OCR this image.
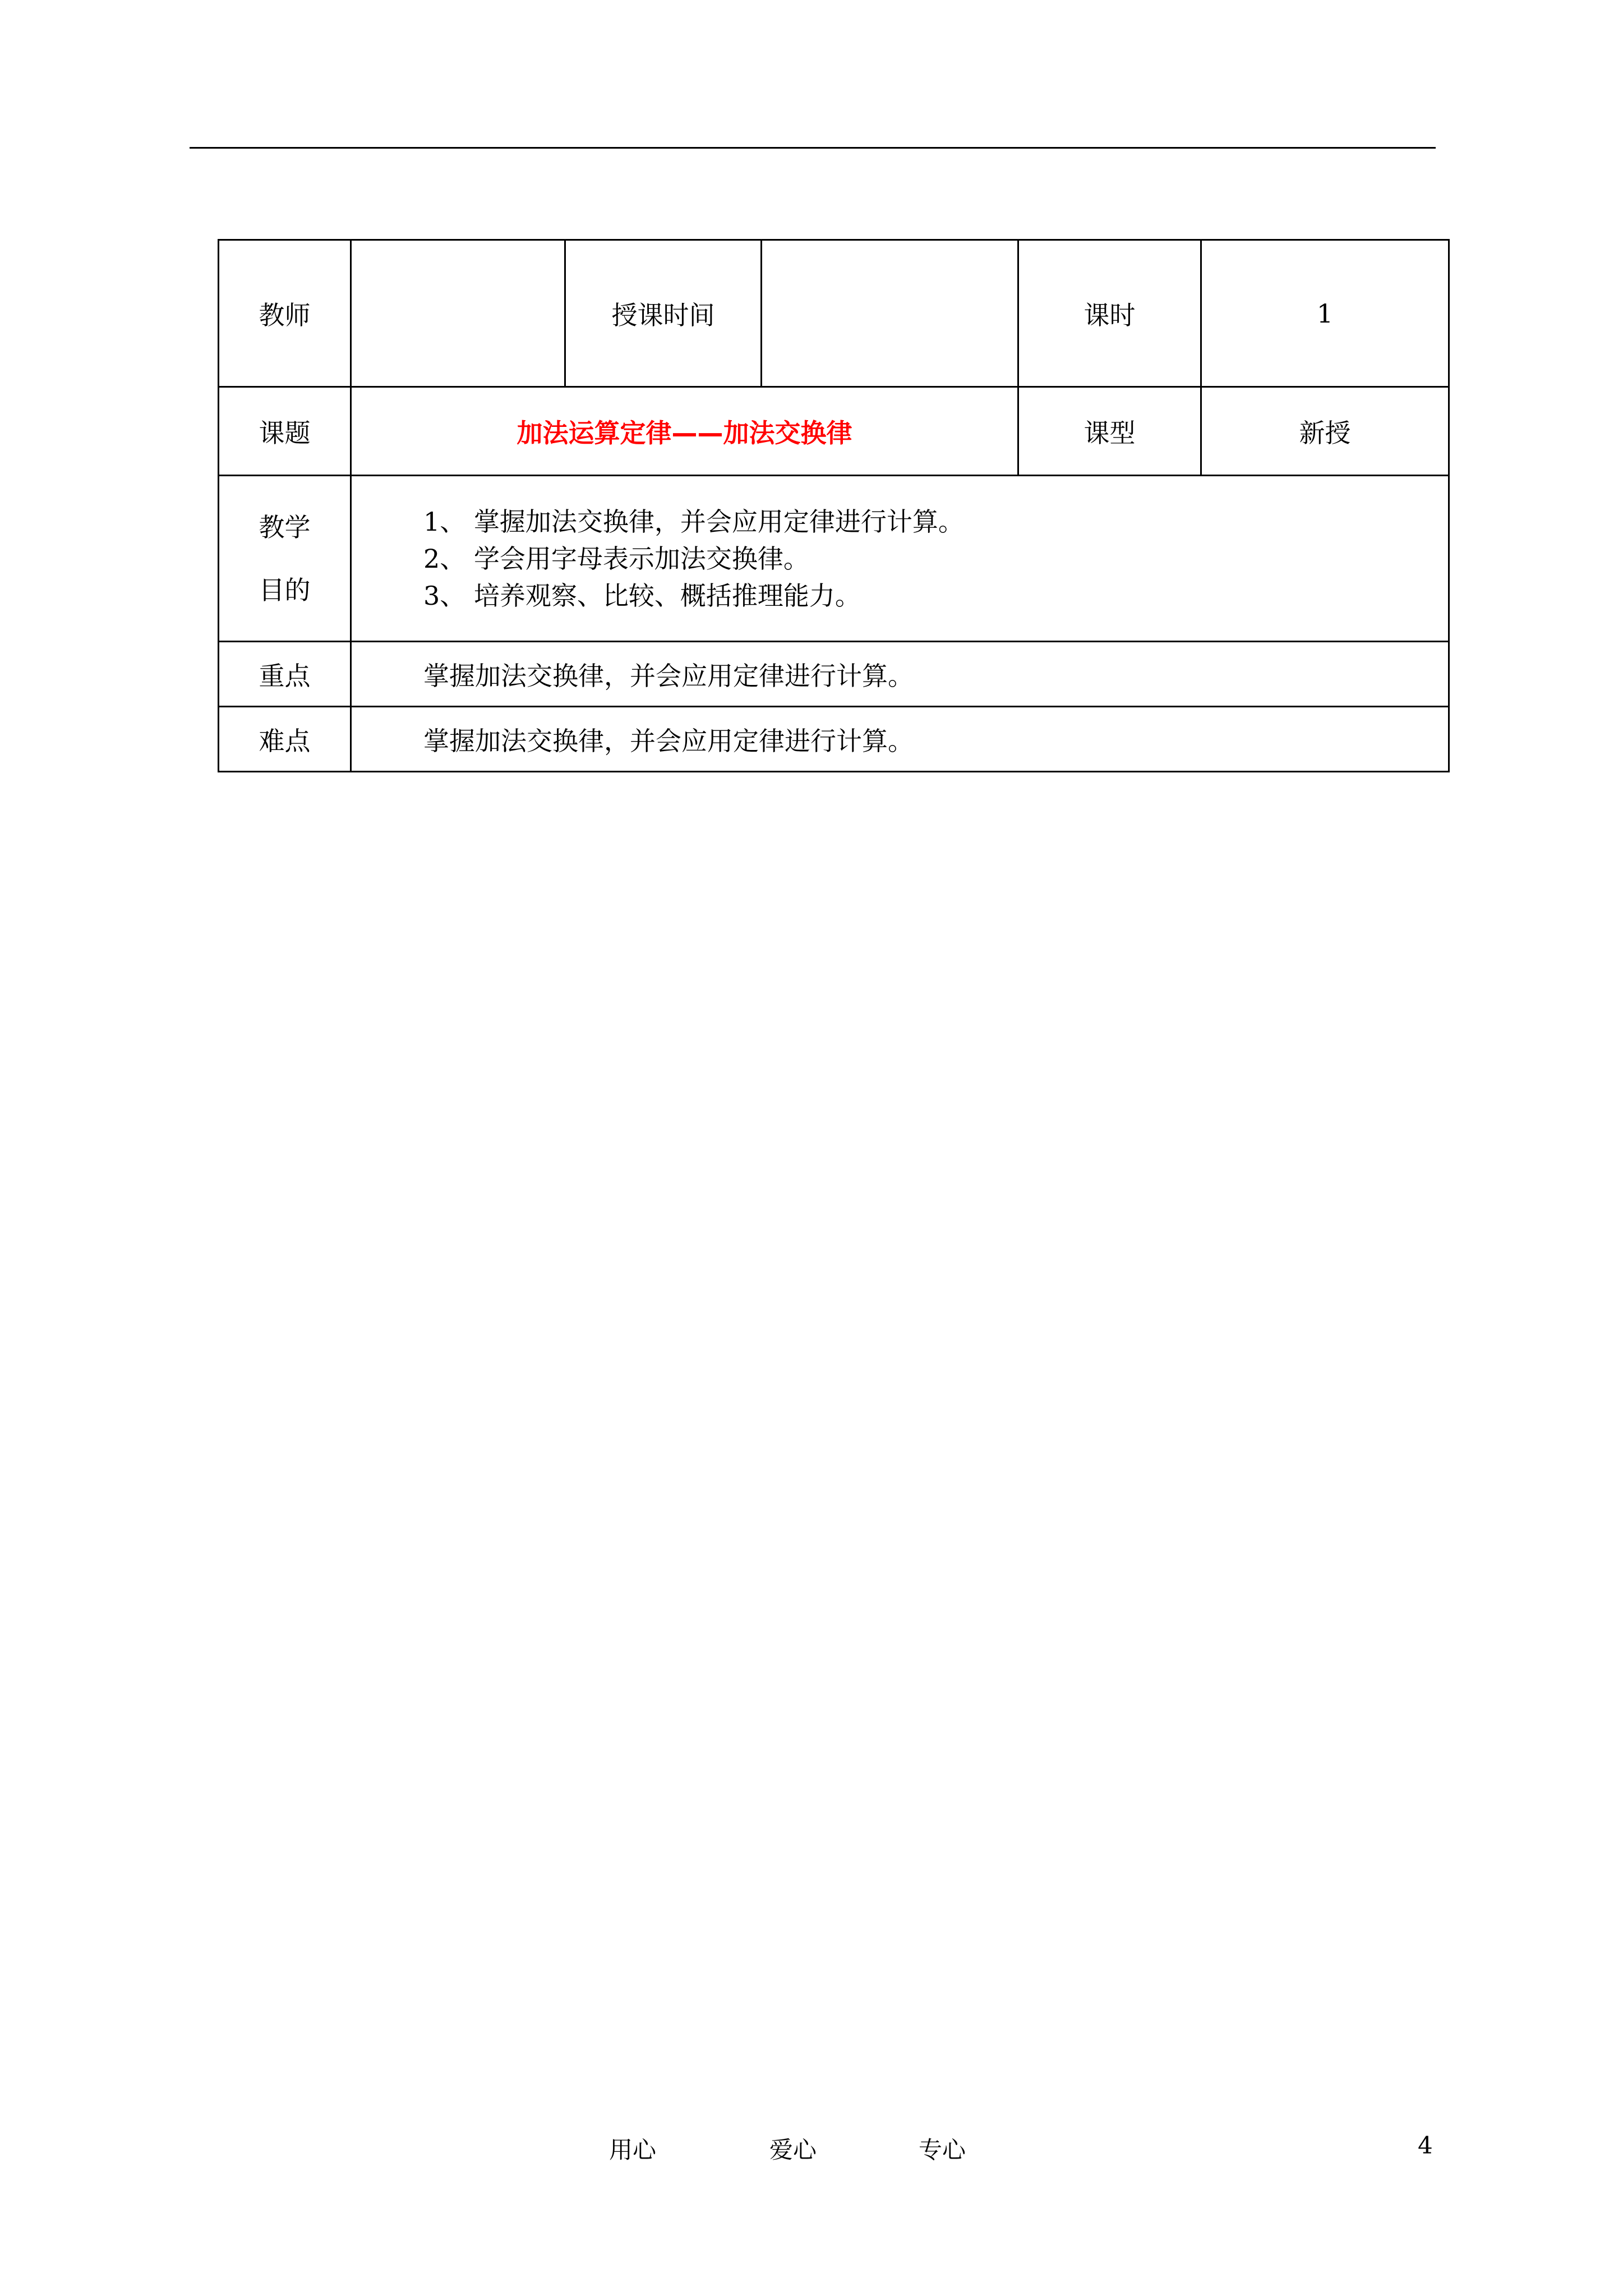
教师		授课时间		课时	1
课题	加法运算定律——加法交换律			课型	新授
教学
目的	1、 掌握加法交换律，并会应用定律进行计算。
2、 学会用字母表示加法交换律。
3、 培养观察、比较、概括推理能力。				

重点	掌握加法交换律，并会应用定律进行计算。				
难点	掌握加法交换律，并会应用定律进行计算。				
用心	爱心	专心	4
